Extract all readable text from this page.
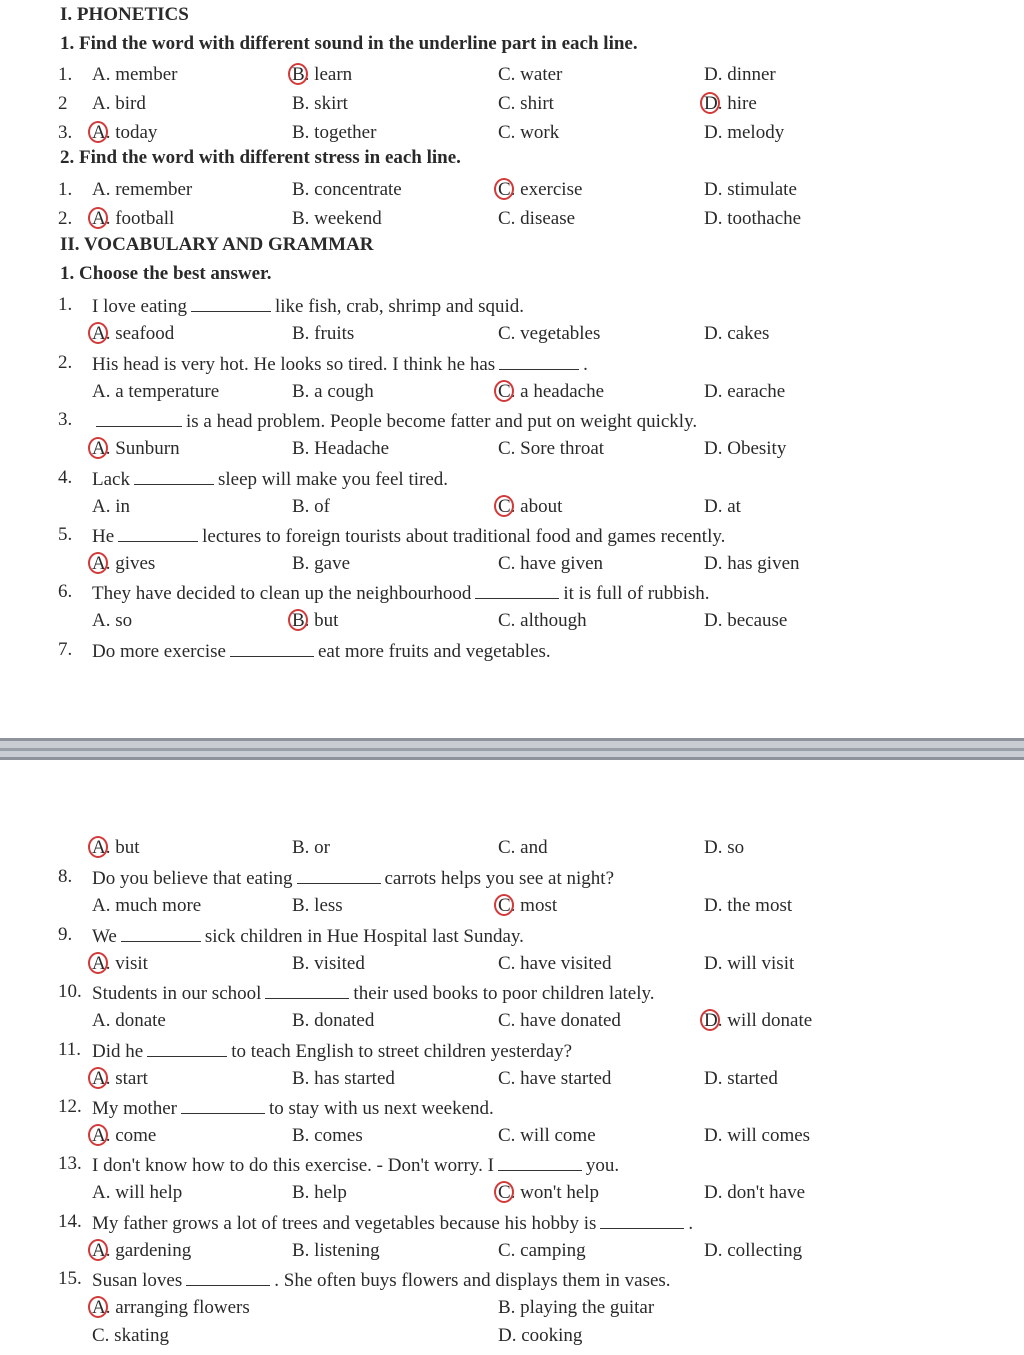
I. PHONETICS
1. Find the word with different sound in the underline part in each line.
1. A. member	B. learn	C. water	D. dinner
2 A. bird	B. skirt	C. shirt	D. hire
3. A. today	B. together	C. work	D. melody
2. Find the word with different stress in each line.
1. A. remember	B. concentrate	C. exercise	D. stimulate
2. A. football	B. weekend	C. disease	D. toothache
II. VOCABULARY AND GRAMMAR
1. Choose the best answer.
1. I love eating	like fish, crab, shrimp and squid.
A. seafood	B. fruits	C. vegetables	D. cakes
2. His head is very hot. He looks so tired. I think he has	.
A. a temperature	B. a cough	C. a headache	D. earache
3.	is a head problem. People become fatter and put on weight quickly.
A. Sunburn	B. Headache	C. Sore throat	D. Obesity
4. Lack	sleep will make you feel tired.
A. in	B. of	C. about	D. at
5. He	lectures to foreign tourists about traditional food and games recently.
A. gives	B. gave	C. have given	D. has given
6. They have decided to clean up the neighbourhood	it is full of rubbish.
A. so	B. but	C. although	D. because
7. Do more exercise	eat more fruits and vegetables.
A. but	B. or	C. and	D. so
8. Do you believe that eating	carrots helps you see at night?
A. much more	B. less	C. most	D. the most
9. We	sick children in Hue Hospital last Sunday.
A. visit	B. visited	C. have visited	D. will visit
10. Students in our school	their used books to poor children lately.
A. donate	B. donated	C. have donated	D. will donate
11. Did he	to teach English to street children yesterday?
A. start	B. has started	C. have started	D. started
12. My mother	to stay with us next weekend.
A. come	B. comes	C. will come	D. will comes
13. I don't know how to do this exercise. - Don't worry. I	you.
A. will help	B. help	C. won't help	D. don't have
14. My father grows a lot of trees and vegetables because his hobby is	.
A. gardening	B. listening	C. camping	D. collecting
15. Susan loves	. She often buys flowers and displays them in vases.
A. arranging flowers	B. playing the guitar
C. skating	D. cooking
